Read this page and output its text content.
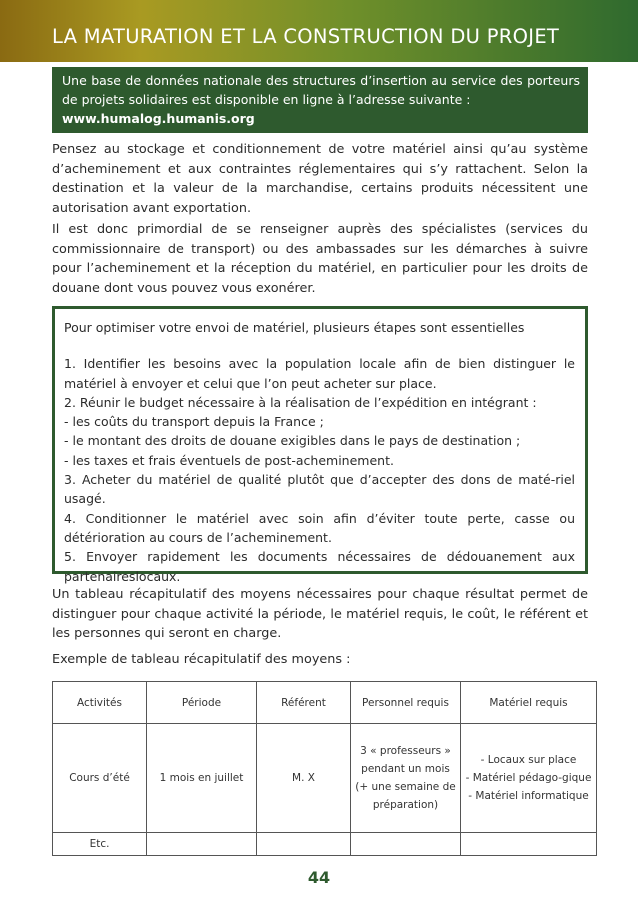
LA MATURATION ET LA CONSTRUCTION DU PROJET
Une base de données nationale des structures d’insertion au service des porteurs de projets solidaires est disponible en ligne à l’adresse suivante :
www.humalog.humanis.org

Pensez au stockage et conditionnement de votre matériel ainsi qu’au système d’acheminement et aux contraintes réglementaires qui s’y rattachent. Selon la destination et la valeur de la marchandise, certains produits nécessitent une autorisation avant exportation.

Il est donc primordial de se renseigner auprès des spécialistes (services du commissionnaire de transport) ou des ambassades sur les démarches à suivre pour l’acheminement et la réception du matériel, en particulier pour les droits de douane dont vous pouvez vous exonérer.

Pour optimiser votre envoi de matériel, plusieurs étapes sont essentielles

1. Identifier les besoins avec la population locale afin de bien distinguer le matériel à envoyer et celui que l’on peut acheter sur place.

2. Réunir le budget nécessaire à la réalisation de l’expédition en intégrant :

- les coûts du transport depuis la France ;

- le montant des droits de douane exigibles dans le pays de destination ;

- les taxes et frais éventuels de post-acheminement.

3. Acheter du matériel de qualité plutôt que d’accepter des dons de maté-riel usagé.

4. Conditionner le matériel avec soin afin d’éviter toute perte, casse ou détérioration au cours de l’acheminement.

5. Envoyer rapidement les documents nécessaires de dédouanement aux partenaireslocaux.

Un tableau récapitulatif des moyens nécessaires pour chaque résultat permet de distinguer pour chaque activité la période, le matériel requis, le coût, le référent et les personnes qui seront en charge.

Exemple de tableau récapitulatif des moyens :

Activités	Période	Référent	Personnel requis	Matériel requis
Cours d’été	1 mois en juillet	M. X	3 « professeurs » pendant un mois (+ une semaine de préparation)	- Locaux sur place
- Matériel pédago-gique
- Matériel informatique

Etc.				
44
